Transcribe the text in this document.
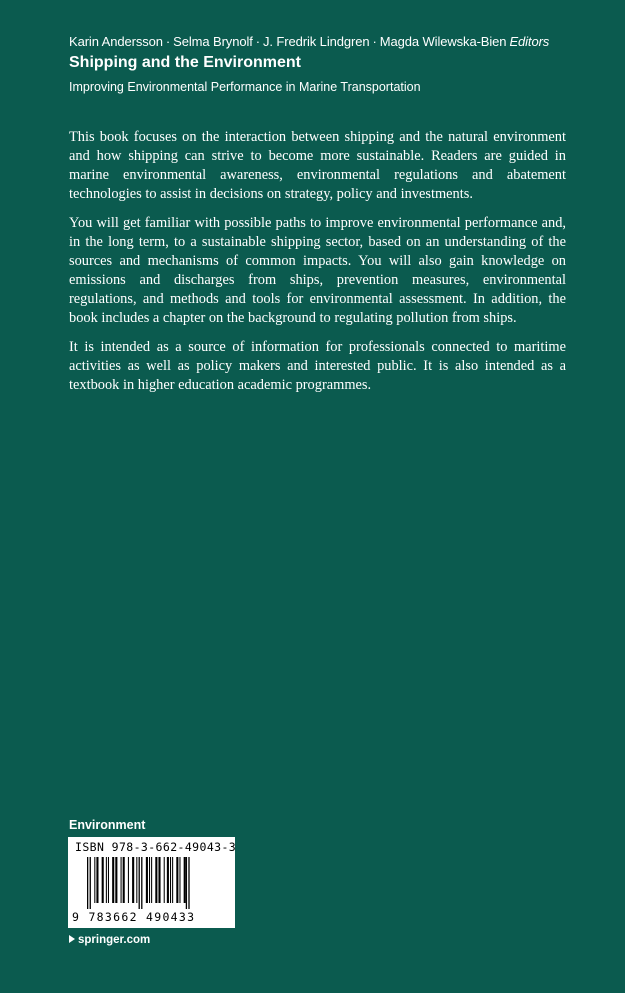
Karin Andersson · Selma Brynolf · J. Fredrik Lindgren · Magda Wilewska-Bien Editors
Shipping and the Environment
Improving Environmental Performance in Marine Transportation

This book focuses on the interaction between shipping and the natural environment and how shipping can strive to become more sustainable. Readers are guided in marine environmental awareness, environmental regulations and abatement technologies to assist in decisions on strategy, policy and investments.

You will get familiar with possible paths to improve environmental performance and, in the long term, to a sustainable shipping sector, based on an understanding of the sources and mechanisms of common impacts. You will also gain knowledge on emissions and discharges from ships, prevention measures, environmental regulations, and methods and tools for environmental assessment. In addition, the book includes a chapter on the background to regulating pollution from ships.

It is intended as a source of information for professionals connected to maritime activities as well as policy makers and interested public. It is also intended as a textbook in higher education academic programmes.

Environment
ISBN 978-3-662-49043-3
9 783662 490433
springer.com
